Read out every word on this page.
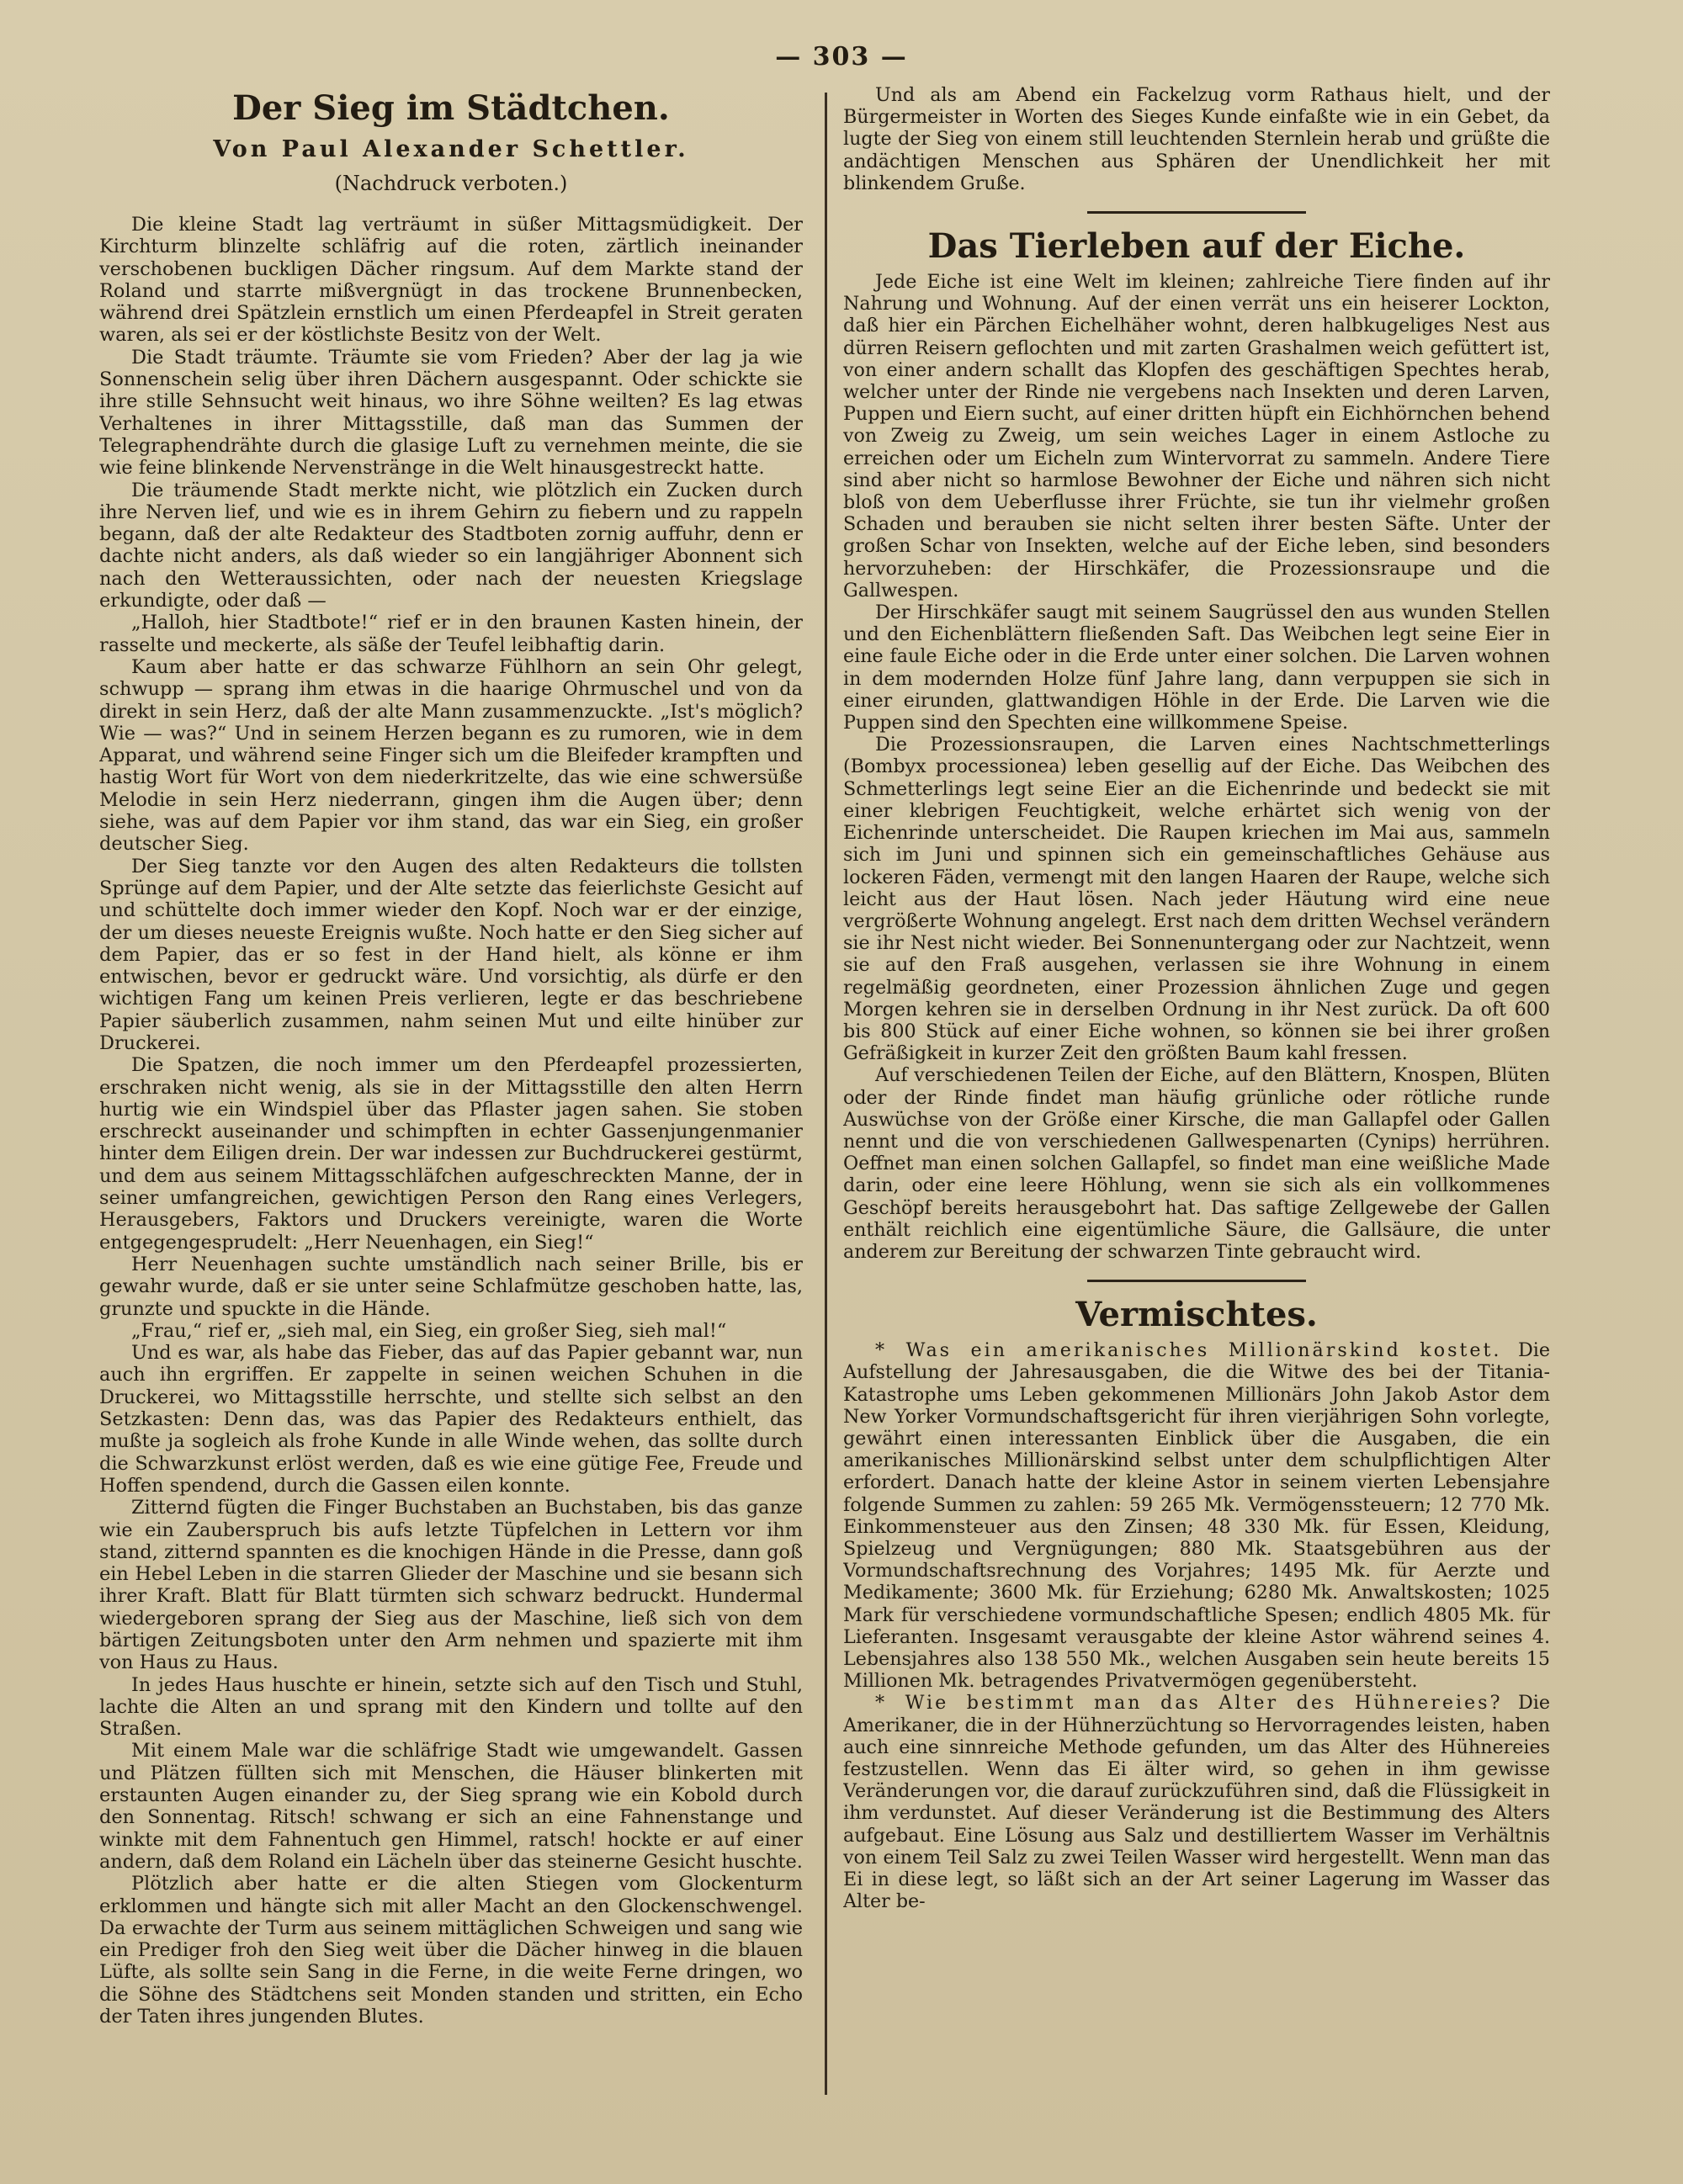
— 303 —
Der Sieg im Städtchen.
Von Paul Alexander Schettler.
(Nachdruck verboten.)

Die kleine Stadt lag verträumt in süßer Mittagsmüdigkeit. Der Kirchturm blinzelte schläfrig auf die roten, zärtlich ineinander verschobenen buckligen Dächer ringsum. Auf dem Markte stand der Roland und starrte mißvergnügt in das trockene Brunnenbecken, während drei Spätzlein ernstlich um einen Pferdeapfel in Streit geraten waren, als sei er der köstlichste Besitz von der Welt.

Die Stadt träumte. Träumte sie vom Frieden? Aber der lag ja wie Sonnenschein selig über ihren Dächern ausgespannt. Oder schickte sie ihre stille Sehnsucht weit hinaus, wo ihre Söhne weilten? Es lag etwas Verhaltenes in ihrer Mittagsstille, daß man das Summen der Telegraphendrähte durch die glasige Luft zu vernehmen meinte, die sie wie feine blinkende Nervenstränge in die Welt hinausgestreckt hatte.

Die träumende Stadt merkte nicht, wie plötzlich ein Zucken durch ihre Nerven lief, und wie es in ihrem Gehirn zu fiebern und zu rappeln begann, daß der alte Redakteur des Stadtboten zornig auffuhr, denn er dachte nicht anders, als daß wieder so ein langjähriger Abonnent sich nach den Wetteraussichten, oder nach der neuesten Kriegslage erkundigte, oder daß —

„Halloh, hier Stadtbote!“ rief er in den braunen Kasten hinein, der rasselte und meckerte, als säße der Teufel leibhaftig darin.

Kaum aber hatte er das schwarze Fühlhorn an sein Ohr gelegt, schwupp — sprang ihm etwas in die haarige Ohrmuschel und von da direkt in sein Herz, daß der alte Mann zusammenzuckte. „Ist's möglich? Wie — was?“ Und in seinem Herzen begann es zu rumoren, wie in dem Apparat, und während seine Finger sich um die Bleifeder krampften und hastig Wort für Wort von dem niederkritzelte, das wie eine schwersüße Melodie in sein Herz niederrann, gingen ihm die Augen über; denn siehe, was auf dem Papier vor ihm stand, das war ein Sieg, ein großer deutscher Sieg.

Der Sieg tanzte vor den Augen des alten Redakteurs die tollsten Sprünge auf dem Papier, und der Alte setzte das feierlichste Gesicht auf und schüttelte doch immer wieder den Kopf. Noch war er der einzige, der um dieses neueste Ereignis wußte. Noch hatte er den Sieg sicher auf dem Papier, das er so fest in der Hand hielt, als könne er ihm entwischen, bevor er gedruckt wäre. Und vorsichtig, als dürfe er den wichtigen Fang um keinen Preis verlieren, legte er das beschriebene Papier säuberlich zusammen, nahm seinen Mut und eilte hinüber zur Druckerei.

Die Spatzen, die noch immer um den Pferdeapfel prozessierten, erschraken nicht wenig, als sie in der Mittagsstille den alten Herrn hurtig wie ein Windspiel über das Pflaster jagen sahen. Sie stoben erschreckt auseinander und schimpften in echter Gassenjungenmanier hinter dem Eiligen drein. Der war indessen zur Buchdruckerei gestürmt, und dem aus seinem Mittagsschläfchen aufgeschreckten Manne, der in seiner umfangreichen, gewichtigen Person den Rang eines Verlegers, Herausgebers, Faktors und Druckers vereinigte, waren die Worte entgegengesprudelt: „Herr Neuenhagen, ein Sieg!“

Herr Neuenhagen suchte umständlich nach seiner Brille, bis er gewahr wurde, daß er sie unter seine Schlafmütze geschoben hatte, las, grunzte und spuckte in die Hände.

„Frau,“ rief er, „sieh mal, ein Sieg, ein großer Sieg, sieh mal!“

Und es war, als habe das Fieber, das auf das Papier gebannt war, nun auch ihn ergriffen. Er zappelte in seinen weichen Schuhen in die Druckerei, wo Mittagsstille herrschte, und stellte sich selbst an den Setzkasten: Denn das, was das Papier des Redakteurs enthielt, das mußte ja sogleich als frohe Kunde in alle Winde wehen, das sollte durch die Schwarzkunst erlöst werden, daß es wie eine gütige Fee, Freude und Hoffen spendend, durch die Gassen eilen konnte.

Zitternd fügten die Finger Buchstaben an Buchstaben, bis das ganze wie ein Zauberspruch bis aufs letzte Tüpfelchen in Lettern vor ihm stand, zitternd spannten es die knochigen Hände in die Presse, dann goß ein Hebel Leben in die starren Glieder der Maschine und sie besann sich ihrer Kraft. Blatt für Blatt türmten sich schwarz bedruckt. Hundermal wiedergeboren sprang der Sieg aus der Maschine, ließ sich von dem bärtigen Zeitungsboten unter den Arm nehmen und spazierte mit ihm von Haus zu Haus.

In jedes Haus huschte er hinein, setzte sich auf den Tisch und Stuhl, lachte die Alten an und sprang mit den Kindern und tollte auf den Straßen.

Mit einem Male war die schläfrige Stadt wie umgewandelt. Gassen und Plätzen füllten sich mit Menschen, die Häuser blinkerten mit erstaunten Augen einander zu, der Sieg sprang wie ein Kobold durch den Sonnentag. Ritsch! schwang er sich an eine Fahnenstange und winkte mit dem Fahnentuch gen Himmel, ratsch! hockte er auf einer andern, daß dem Roland ein Lächeln über das steinerne Gesicht huschte.

Plötzlich aber hatte er die alten Stiegen vom Glockenturm erklommen und hängte sich mit aller Macht an den Glockenschwengel. Da erwachte der Turm aus seinem mittäglichen Schweigen und sang wie ein Prediger froh den Sieg weit über die Dächer hinweg in die blauen Lüfte, als sollte sein Sang in die Ferne, in die weite Ferne dringen, wo die Söhne des Städtchens seit Monden standen und stritten, ein Echo der Taten ihres jungenden Blutes.

Und als am Abend ein Fackelzug vorm Rathaus hielt, und der Bürgermeister in Worten des Sieges Kunde einfaßte wie in ein Gebet, da lugte der Sieg von einem still leuchtenden Sternlein herab und grüßte die andächtigen Menschen aus Sphären der Unendlichkeit her mit blinkendem Gruße.

Das Tierleben auf der Eiche.

Jede Eiche ist eine Welt im kleinen; zahlreiche Tiere finden auf ihr Nahrung und Wohnung. Auf der einen verrät uns ein heiserer Lockton, daß hier ein Pärchen Eichelhäher wohnt, deren halbkugeliges Nest aus dürren Reisern geflochten und mit zarten Grashalmen weich gefüttert ist, von einer andern schallt das Klopfen des geschäftigen Spechtes herab, welcher unter der Rinde nie vergebens nach Insekten und deren Larven, Puppen und Eiern sucht, auf einer dritten hüpft ein Eichhörnchen behend von Zweig zu Zweig, um sein weiches Lager in einem Astloche zu erreichen oder um Eicheln zum Wintervorrat zu sammeln. Andere Tiere sind aber nicht so harmlose Bewohner der Eiche und nähren sich nicht bloß von dem Ueberflusse ihrer Früchte, sie tun ihr vielmehr großen Schaden und berauben sie nicht selten ihrer besten Säfte. Unter der großen Schar von Insekten, welche auf der Eiche leben, sind besonders hervorzuheben: der Hirschkäfer, die Prozessionsraupe und die Gallwespen.

Der Hirschkäfer saugt mit seinem Saugrüssel den aus wunden Stellen und den Eichenblättern fließenden Saft. Das Weibchen legt seine Eier in eine faule Eiche oder in die Erde unter einer solchen. Die Larven wohnen in dem modernden Holze fünf Jahre lang, dann verpuppen sie sich in einer eirunden, glattwandigen Höhle in der Erde. Die Larven wie die Puppen sind den Spechten eine willkommene Speise.

Die Prozessionsraupen, die Larven eines Nachtschmetterlings (Bombyx processionea) leben gesellig auf der Eiche. Das Weibchen des Schmetterlings legt seine Eier an die Eichenrinde und bedeckt sie mit einer klebrigen Feuchtigkeit, welche erhärtet sich wenig von der Eichenrinde unterscheidet. Die Raupen kriechen im Mai aus, sammeln sich im Juni und spinnen sich ein gemeinschaftliches Gehäuse aus lockeren Fäden, vermengt mit den langen Haaren der Raupe, welche sich leicht aus der Haut lösen. Nach jeder Häutung wird eine neue vergrößerte Wohnung angelegt. Erst nach dem dritten Wechsel verändern sie ihr Nest nicht wieder. Bei Sonnenuntergang oder zur Nachtzeit, wenn sie auf den Fraß ausgehen, verlassen sie ihre Wohnung in einem regelmäßig geordneten, einer Prozession ähnlichen Zuge und gegen Morgen kehren sie in derselben Ordnung in ihr Nest zurück. Da oft 600 bis 800 Stück auf einer Eiche wohnen, so können sie bei ihrer großen Gefräßigkeit in kurzer Zeit den größten Baum kahl fressen.

Auf verschiedenen Teilen der Eiche, auf den Blättern, Knospen, Blüten oder der Rinde findet man häufig grünliche oder rötliche runde Auswüchse von der Größe einer Kirsche, die man Gallapfel oder Gallen nennt und die von verschiedenen Gallwespenarten (Cynips) herrühren. Oeffnet man einen solchen Gallapfel, so findet man eine weißliche Made darin, oder eine leere Höhlung, wenn sie sich als ein vollkommenes Geschöpf bereits herausgebohrt hat. Das saftige Zellgewebe der Gallen enthält reichlich eine eigentümliche Säure, die Gallsäure, die unter anderem zur Bereitung der schwarzen Tinte gebraucht wird.

Vermischtes.

* Was ein amerikanisches Millionärskind kostet. Die Aufstellung der Jahresausgaben, die die Witwe des bei der Titania-Katastrophe ums Leben gekommenen Millionärs John Jakob Astor dem New Yorker Vormundschaftsgericht für ihren vierjährigen Sohn vorlegte, gewährt einen interessanten Einblick über die Ausgaben, die ein amerikanisches Millionärskind selbst unter dem schulpflichtigen Alter erfordert. Danach hatte der kleine Astor in seinem vierten Lebensjahre folgende Summen zu zahlen: 59 265 Mk. Vermögenssteuern; 12 770 Mk. Einkommensteuer aus den Zinsen; 48 330 Mk. für Essen, Kleidung, Spielzeug und Vergnügungen; 880 Mk. Staatsgebühren aus der Vormundschaftsrechnung des Vorjahres; 1495 Mk. für Aerzte und Medikamente; 3600 Mk. für Erziehung; 6280 Mk. Anwaltskosten; 1025 Mark für verschiedene vormundschaftliche Spesen; endlich 4805 Mk. für Lieferanten. Insgesamt verausgabte der kleine Astor während seines 4. Lebensjahres also 138 550 Mk., welchen Ausgaben sein heute bereits 15 Millionen Mk. betragendes Privatvermögen gegenübersteht.

* Wie bestimmt man das Alter des Hühnereies? Die Amerikaner, die in der Hühnerzüchtung so Hervorragendes leisten, haben auch eine sinnreiche Methode gefunden, um das Alter des Hühnereies festzustellen. Wenn das Ei älter wird, so gehen in ihm gewisse Veränderungen vor, die darauf zurückzuführen sind, daß die Flüssigkeit in ihm verdunstet. Auf dieser Veränderung ist die Bestimmung des Alters aufgebaut. Eine Lösung aus Salz und destilliertem Wasser im Verhältnis von einem Teil Salz zu zwei Teilen Wasser wird hergestellt. Wenn man das Ei in diese legt, so läßt sich an der Art seiner Lagerung im Wasser das Alter be-
